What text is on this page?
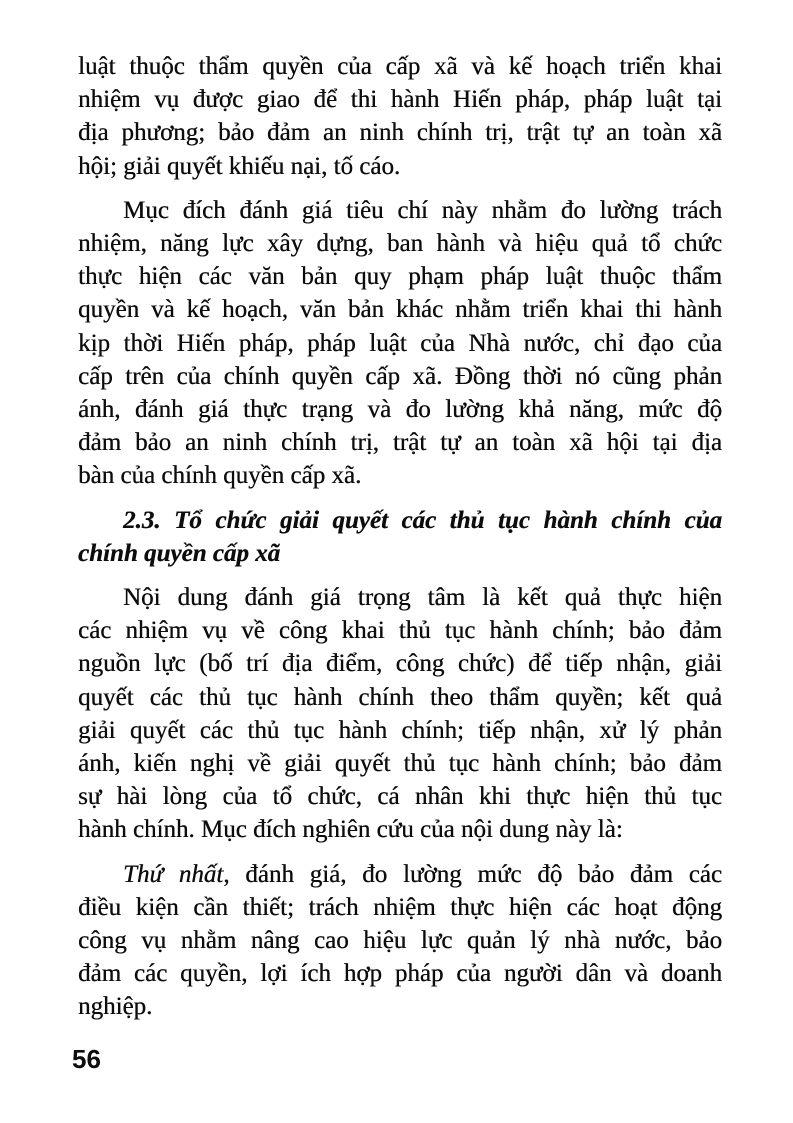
luật thuộc thẩm quyền của cấp xã và kế hoạch triển khai
nhiệm vụ được giao để thi hành Hiến pháp, pháp luật tại
địa phương; bảo đảm an ninh chính trị, trật tự an toàn xã
hội; giải quyết khiếu nại, tố cáo.
Mục đích đánh giá tiêu chí này nhằm đo lường trách
nhiệm, năng lực xây dựng, ban hành và hiệu quả tổ chức
thực hiện các văn bản quy phạm pháp luật thuộc thẩm
quyền và kế hoạch, văn bản khác nhằm triển khai thi hành
kịp thời Hiến pháp, pháp luật của Nhà nước, chỉ đạo của
cấp trên của chính quyền cấp xã. Đồng thời nó cũng phản
ánh, đánh giá thực trạng và đo lường khả năng, mức độ
đảm bảo an ninh chính trị, trật tự an toàn xã hội tại địa
bàn của chính quyền cấp xã.
2.3. Tổ chức giải quyết các thủ tục hành chính của
chính quyền cấp xã
Nội dung đánh giá trọng tâm là kết quả thực hiện
các nhiệm vụ về công khai thủ tục hành chính; bảo đảm
nguồn lực (bố trí địa điểm, công chức) để tiếp nhận, giải
quyết các thủ tục hành chính theo thẩm quyền; kết quả
giải quyết các thủ tục hành chính; tiếp nhận, xử lý phản
ánh, kiến nghị về giải quyết thủ tục hành chính; bảo đảm
sự hài lòng của tổ chức, cá nhân khi thực hiện thủ tục
hành chính. Mục đích nghiên cứu của nội dung này là:
Thứ nhất, đánh giá, đo lường mức độ bảo đảm các
điều kiện cần thiết; trách nhiệm thực hiện các hoạt động
công vụ nhằm nâng cao hiệu lực quản lý nhà nước, bảo
đảm các quyền, lợi ích hợp pháp của người dân và doanh
nghiệp.
56
